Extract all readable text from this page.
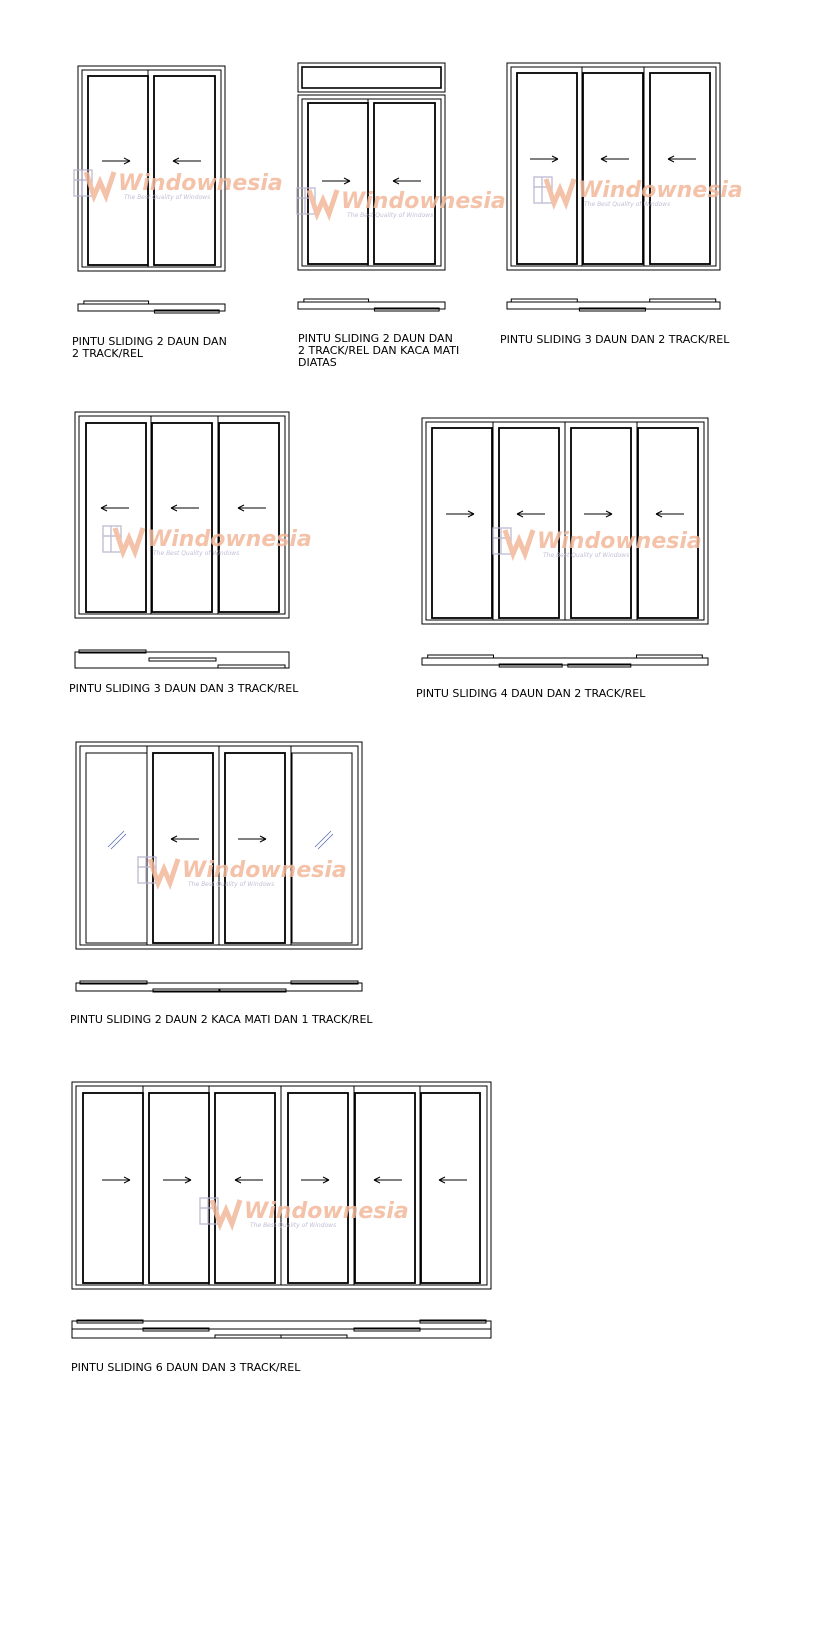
Windownesia
The Best Quality of Windows
PINTU SLIDING 2 DAUN DAN
2 TRACK/REL
Windownesia
The Best Quality of Windows
PINTU SLIDING 2 DAUN DAN
2 TRACK/REL DAN KACA MATI
DIATAS
Windownesia
The Best Quality of Windows
PINTU SLIDING 3 DAUN DAN 2 TRACK/REL
Windownesia
The Best Quality of Windows
PINTU SLIDING 3 DAUN DAN 3 TRACK/REL
Windownesia
The Best Quality of Windows
PINTU SLIDING 4 DAUN DAN 2 TRACK/REL
Windownesia
The Best Quality of Windows
PINTU SLIDING 2 DAUN 2 KACA MATI DAN 1 TRACK/REL
Windownesia
The Best Quality of Windows
PINTU SLIDING 6 DAUN DAN 3 TRACK/REL
